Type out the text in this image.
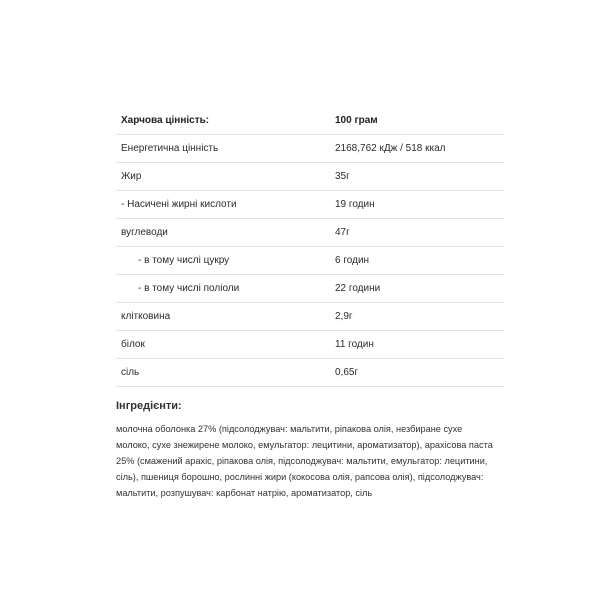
Харчова цінність:	100 грам
Енергетична цінність	2168,762 кДж / 518 ккал
Жир	35г
- Насичені жирні кислоти	19 годин
вуглеводи	47г
- в тому числі цукру	6 годин
- в тому числі поліоли	22 години
клітковина	2,9г
білок	11 годин
сіль	0,65г

Інгредієнти:

молочна оболонка 27% (підсолоджувач: мальтити, ріпакова олія, незбиране сухе молоко, сухе знежирене молоко, емульгатор: лецитини, ароматизатор), арахісова паста 25% (смажений арахіс, ріпакова олія, підсолоджувач: мальтити, емульгатор: лецитини, сіль), пшениця борошно, рослинні жири (кокосова олія, рапсова олія), підсолоджувач: мальтити, розпушувач: карбонат натрію, ароматизатор, сіль
